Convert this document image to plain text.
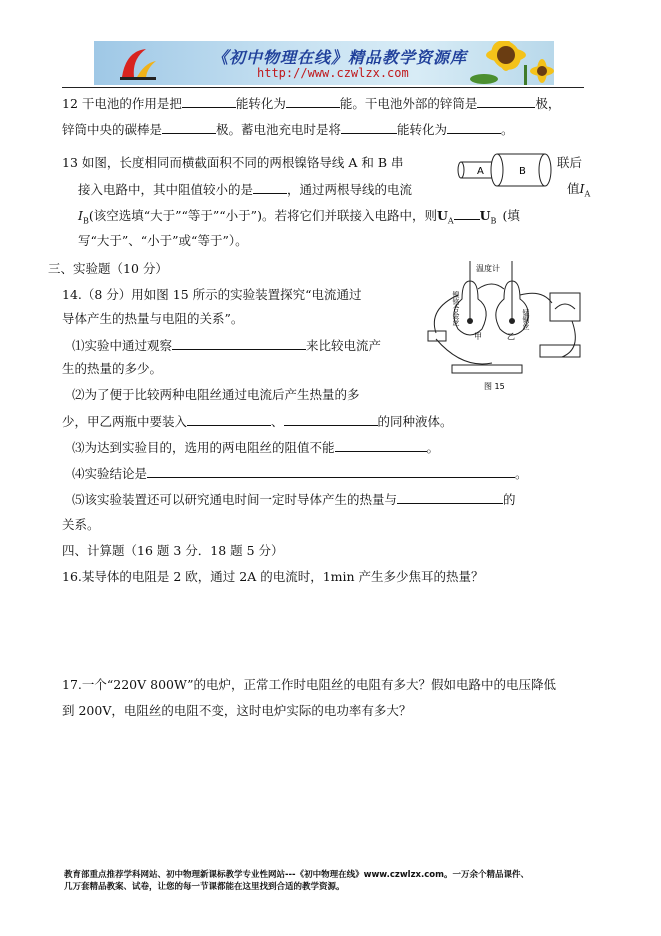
《初中物理在线》精品教学资源库
http://www.czwlzx.com
12 干电池的作用是把	能转化为	能。干电池外部的锌筒是	极，
锌筒中央的碳棒是	极。蓄电池充电时是将	能转化为	。
13 如图，长度相同而横截面积不同的两根镍铬导线 A 和 B 串	联后
A	B
接入电路中，其中阻值较小的是	，通过两根导线的电流	值$I_A$
$I_B$(该空选填“大于”“等于”“小于”)。若将它们并联接入电路中，则$U_A$ $U_B$ (填
写“大于”、“小于”或“等于”）。
三、实验题（10 分）
14.（8 分）用如图 15 所示的实验装置探究“电流通过
导体产生的热量与电阻的关系”。
温度计
镍铬合金丝	锰铜丝
甲	乙
图 15
⑴实验中通过观察	来比较电流产
生的热量的多少。
⑵为了便于比较两种电阻丝通过电流后产生热量的多
少，甲乙两瓶中要装入	、	的同种液体。
⑶为达到实验目的，选用的两电阻丝的阻值不能	。
⑷实验结论是	。
⑸该实验装置还可以研究通电时间一定时导体产生的热量与	的
关系。
四、计算题（16 题 3 分．18 题 5 分）
16.某导体的电阻是 2 欧，通过 2A 的电流时，1min 产生多少焦耳的热量？
17.一个“220V 800W”的电炉，正常工作时电阻丝的电阻有多大？假如电路中的电压降低
到 200V，电阻丝的电阻不变，这时电炉实际的电功率有多大？
教育部重点推荐学科网站、初中物理新课标教学专业性网站---《初中物理在线》www.czwlzx.com。一万余个精品课件、
几万套精品教案、试卷，让您的每一节课都能在这里找到合适的教学资源。
